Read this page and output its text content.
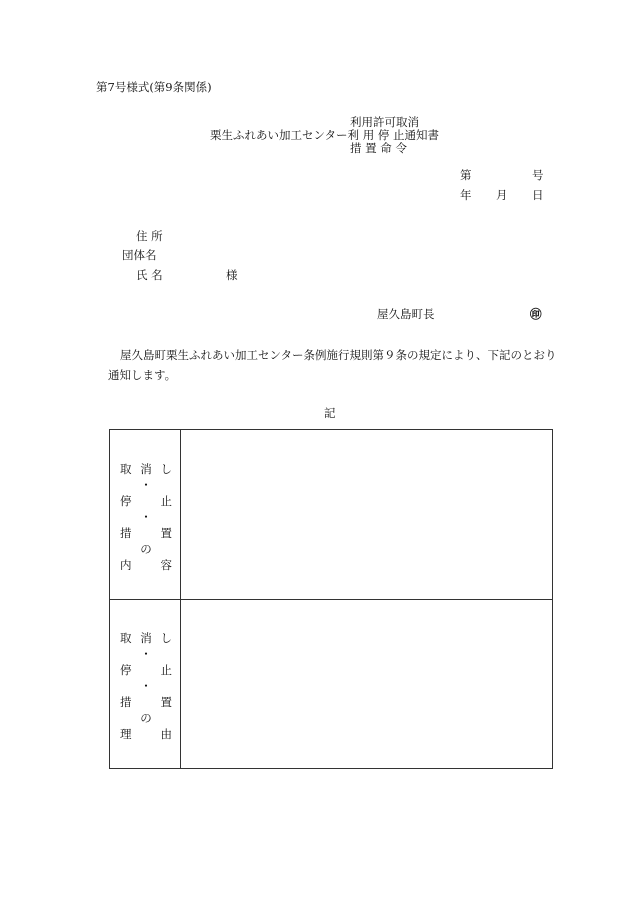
第7号様式(第9条関係)
利用許可取消
栗生ふれあい加工センター利 用 停 止通知書
措 置 命 令
第	号
年 月 日
住 所
団体名
氏 名	様
屋久島町長	㊞
屋久島町栗生ふれあい加工センター条例施行規則第９条の規定により、下記のとおり通知します。
記
取 消 し
・
停	止
・
措	置
の
内	容
取 消 し
・
停	止
・
措	置
の
理	由
